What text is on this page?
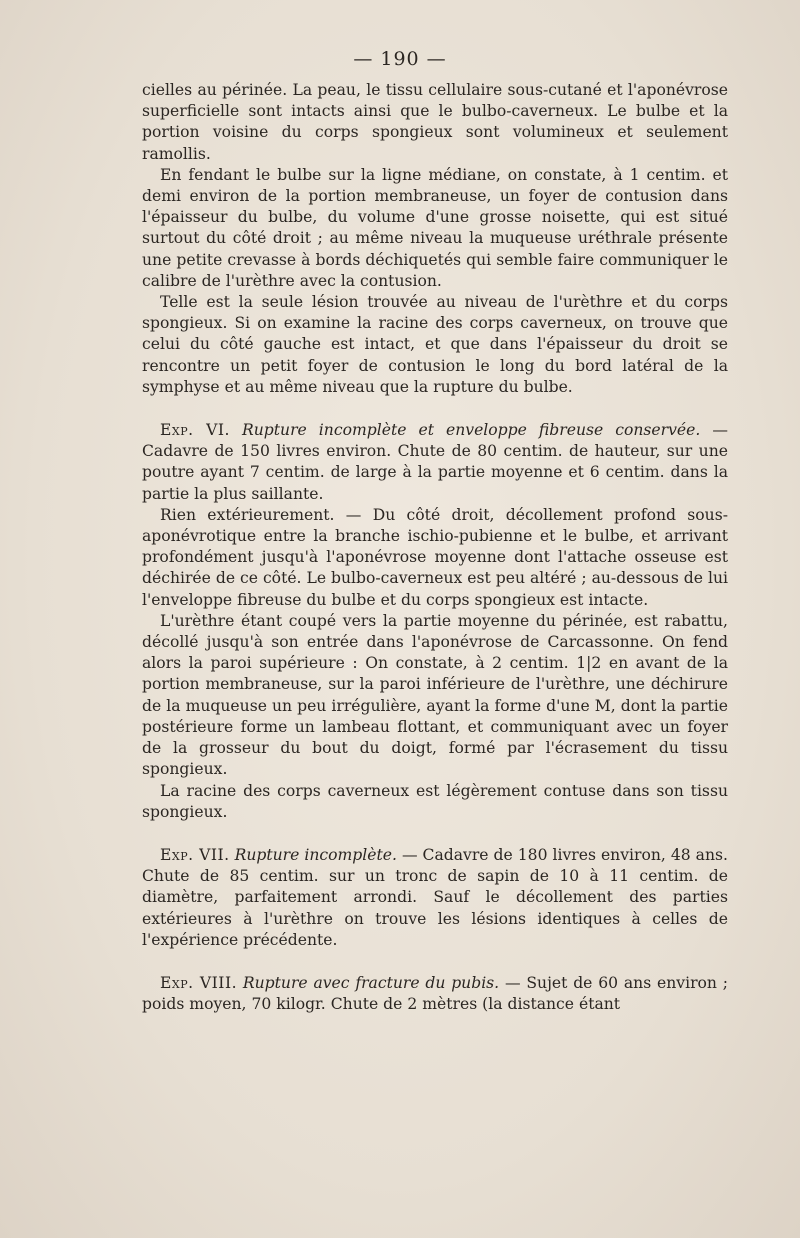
— 190 —

cielles au périnée. La peau, le tissu cellulaire sous-cutané et l'aponévrose superficielle sont intacts ainsi que le bulbo-caverneux. Le bulbe et la portion voisine du corps spongieux sont volumineux et seulement ramollis.

En fendant le bulbe sur la ligne médiane, on constate, à 1 centim. et demi environ de la portion membraneuse, un foyer de contusion dans l'épaisseur du bulbe, du volume d'une grosse noisette, qui est situé surtout du côté droit ; au même niveau la muqueuse uréthrale présente une petite crevasse à bords déchiquetés qui semble faire communiquer le calibre de l'urèthre avec la contusion.

Telle est la seule lésion trouvée au niveau de l'urèthre et du corps spongieux. Si on examine la racine des corps caverneux, on trouve que celui du côté gauche est intact, et que dans l'épaisseur du droit se rencontre un petit foyer de contusion le long du bord latéral de la symphyse et au même niveau que la rupture du bulbe.

Exp. VI. Rupture incomplète et enveloppe fibreuse conservée. — Cadavre de 150 livres environ. Chute de 80 centim. de hauteur, sur une poutre ayant 7 centim. de large à la partie moyenne et 6 centim. dans la partie la plus saillante.

Rien extérieurement. — Du côté droit, décollement profond sous-aponévrotique entre la branche ischio-pubienne et le bulbe, et arrivant profondément jusqu'à l'aponévrose moyenne dont l'attache osseuse est déchirée de ce côté. Le bulbo-caverneux est peu altéré ; au-dessous de lui l'enveloppe fibreuse du bulbe et du corps spongieux est intacte.

L'urèthre étant coupé vers la partie moyenne du périnée, est rabattu, décollé jusqu'à son entrée dans l'aponévrose de Carcassonne. On fend alors la paroi supérieure : On constate, à 2 centim. 1|2 en avant de la portion membraneuse, sur la paroi inférieure de l'urèthre, une déchirure de la muqueuse un peu irrégulière, ayant la forme d'une M, dont la partie postérieure forme un lambeau flottant, et communiquant avec un foyer de la grosseur du bout du doigt, formé par l'écrasement du tissu spongieux.

La racine des corps caverneux est légèrement contuse dans son tissu spongieux.

Exp. VII. Rupture incomplète. — Cadavre de 180 livres environ, 48 ans. Chute de 85 centim. sur un tronc de sapin de 10 à 11 centim. de diamètre, parfaitement arrondi. Sauf le décollement des parties extérieures à l'urèthre on trouve les lésions identiques à celles de l'expérience précédente.

Exp. VIII. Rupture avec fracture du pubis. — Sujet de 60 ans environ ; poids moyen, 70 kilogr. Chute de 2 mètres (la distance étant
